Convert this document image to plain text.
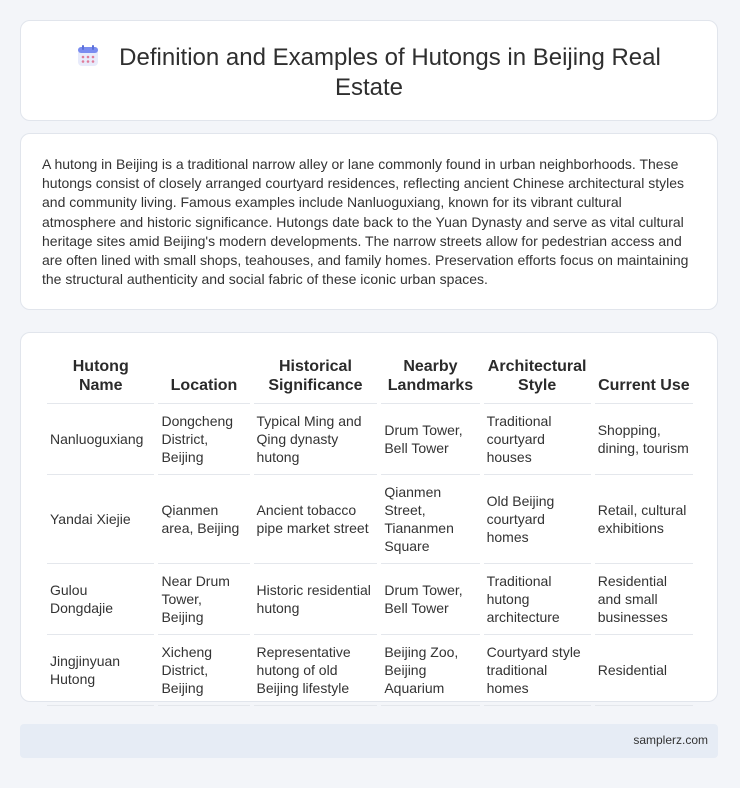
Definition and Examples of Hutongs in Beijing Real Estate
A hutong in Beijing is a traditional narrow alley or lane commonly found in urban neighborhoods. These hutongs consist of closely arranged courtyard residences, reflecting ancient Chinese architectural styles and community living. Famous examples include Nanluoguxiang, known for its vibrant cultural atmosphere and historic significance. Hutongs date back to the Yuan Dynasty and serve as vital cultural heritage sites amid Beijing's modern developments. The narrow streets allow for pedestrian access and are often lined with small shops, teahouses, and family homes. Preservation efforts focus on maintaining the structural authenticity and social fabric of these iconic urban spaces.
Hutong Name	Location	Historical Significance	Nearby Landmarks	Architectural Style	Current Use
Nanluoguxiang	Dongcheng District, Beijing	Typical Ming and Qing dynasty hutong	Drum Tower, Bell Tower	Traditional courtyard houses	Shopping, dining, tourism
Yandai Xiejie	Qianmen area, Beijing	Ancient tobacco pipe market street	Qianmen Street, Tiananmen Square	Old Beijing courtyard homes	Retail, cultural exhibitions
Gulou Dongdajie	Near Drum Tower, Beijing	Historic residential hutong	Drum Tower, Bell Tower	Traditional hutong architecture	Residential and small businesses
Jingjinyuan Hutong	Xicheng District, Beijing	Representative hutong of old Beijing lifestyle	Beijing Zoo, Beijing Aquarium	Courtyard style traditional homes	Residential
samplerz.com
